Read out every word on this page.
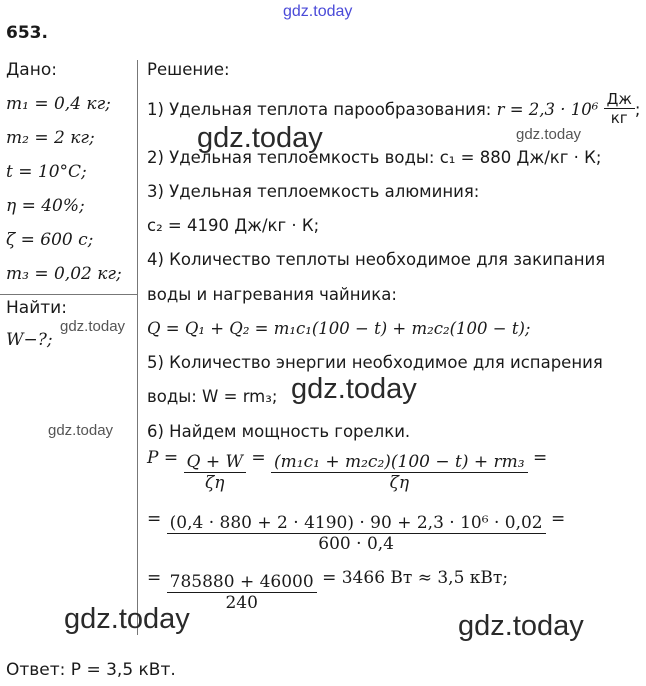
gdz.today
653.
Дано:
m₁ = 0,4 кг;
m₂ = 2 кг;
t = 10°C;
η = 40%;
ζ = 600 с;
m₃ = 0,02 кг;
Найти:
W−?;
Решение:
1) Удельная теплота парообразования: $r = 2,3 \cdot 10^6 \frac{Дж}{кг}$ ;
2) Удельная теплоемкость воды: c₁ = 880 Дж/кг · К;
3) Удельная теплоемкость алюминия:
c₂ = 4190 Дж/кг · К;
4) Количество теплоты необходимое для закипания
воды и нагревания чайника:
Q = Q₁ + Q₂ = m₁c₁(100 − t) + m₂c₂(100 − t);
5) Количество энергии необходимое для испарения
воды: W = rm₃;
6) Найдем мощность горелки.
$P = \frac{Q + W}{\zeta\eta} = \frac{\text{(m₁c₁ + m₂c₂)(100 − t) + rm₃}}{\zeta\eta}$ =
= $\frac{\text{(0,4 · 880 + 2 · 4190) · 90 + 2,3 · 10⁶ · 0,02}}{600 \cdot 0,4}$ =
= $\frac{785880 + 46000}{240} = 3466$ Вт ≈ 3,5 кВт;
Ответ: P = 3,5 кВт.
gdz.today	gdz.today
gdz.today
gdz.today
gdz.today
gdz.today	gdz.today
